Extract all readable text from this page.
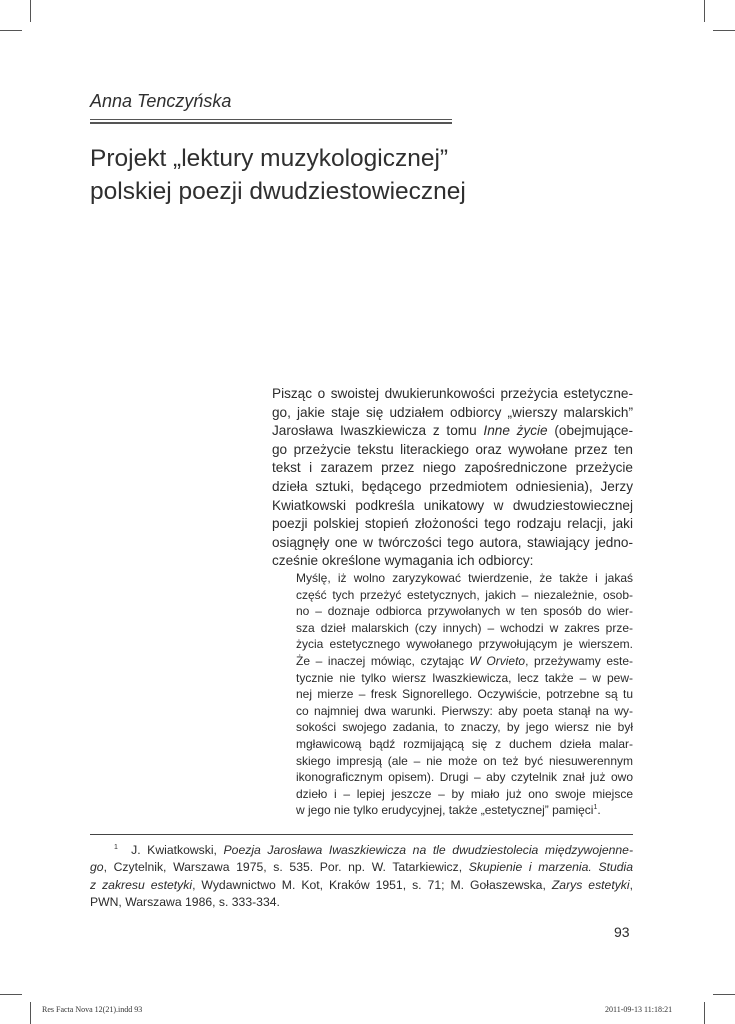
Anna Tenczyńska
Projekt „lektury muzykologicznej”
polskiej poezji dwudziestowiecznej

Pisząc o swoistej dwukierunkowości przeżycia estetyczne-
go, jakie staje się udziałem odbiorcy „wierszy malarskich”
Jarosława Iwaszkiewicza z tomu Inne życie (obejmujące-
go przeżycie tekstu literackiego oraz wywołane przez ten
tekst i zarazem przez niego zapośredniczone przeżycie
dzieła sztuki, będącego przedmiotem odniesienia), Jerzy
Kwiatkowski podkreśla unikatowy w dwudziestowiecznej
poezji polskiej stopień złożoności tego rodzaju relacji, jaki
osiągnęły one w twórczości tego autora, stawiający jedno-
cześnie określone wymagania ich odbiorcy:

Myślę, iż wolno zaryzykować twierdzenie, że także i jakaś
część tych przeżyć estetycznych, jakich – niezależnie, osob-
no – doznaje odbiorca przywołanych w ten sposób do wier-
sza dzieł malarskich (czy innych) – wchodzi w zakres prze-
życia estetycznego wywołanego przywołującym je wierszem.
Że – inaczej mówiąc, czytając W Orvieto, przeżywamy este-
tycznie nie tylko wiersz Iwaszkiewicza, lecz także – w pew-
nej mierze – fresk Signorellego. Oczywiście, potrzebne są tu
co najmniej dwa warunki. Pierwszy: aby poeta stanął na wy-
sokości swojego zadania, to znaczy, by jego wiersz nie był
mgławicową bądź rozmijającą się z duchem dzieła malar-
skiego impresją (ale – nie może on też być niesuwerennym
ikonograficznym opisem). Drugi – aby czytelnik znał już owo
dziełо i – lepiej jeszcze – by miało już ono swoje miejsce
w jego nie tylko erudycyjnej, także „estetycznej” pamięci$^1$.

$^1$ J. Kwiatkowski, Poezja Jarosława Iwaszkiewicza na tle dwudziestolecia międzywojenne-
go, Czytelnik, Warszawa 1975, s. 535. Por. np. W. Tatarkiewicz, Skupienie i marzenia. Studia
z zakresu estetyki, Wydawnictwo M. Kot, Kraków 1951, s. 71; M. Gołaszewska, Zarys estetyki,
PWN, Warszawa 1986, s. 333-334.

93
Res Facta Nova 12(21).indd 93	2011-09-13 11:18:21
